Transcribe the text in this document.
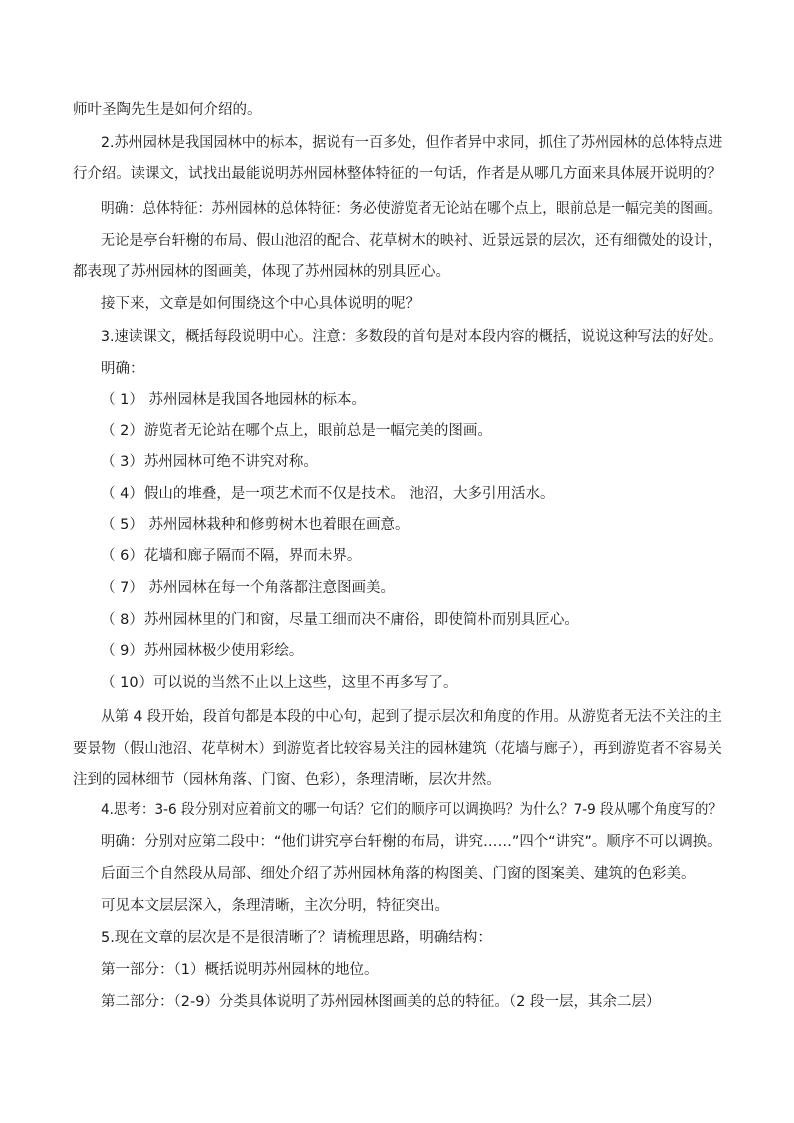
师叶圣陶先生是如何介绍的。
2.苏州园林是我国园林中的标本，据说有一百多处，但作者异中求同，抓住了苏州园林的总体特点进
行介绍。读课文，试找出最能说明苏州园林整体特征的一句话，作者是从哪几方面来具体展开说明的？
明确：总体特征：苏州园林的总体特征：务必使游览者无论站在哪个点上，眼前总是一幅完美的图画。
无论是亭台轩榭的布局、假山池沼的配合、花草树木的映衬、近景远景的层次，还有细微处的设计，
都表现了苏州园林的图画美，体现了苏州园林的别具匠心。
接下来，文章是如何围绕这个中心具体说明的呢？
3.速读课文，概括每段说明中心。注意：多数段的首句是对本段内容的概括，说说这种写法的好处。
明确：
（ 1） 苏州园林是我国各地园林的标本。
（ 2）游览者无论站在哪个点上，眼前总是一幅完美的图画。
（ 3）苏州园林可绝不讲究对称。
（ 4）假山的堆叠，是一项艺术而不仅是技术。 池沼，大多引用活水。
（ 5） 苏州园林栽种和修剪树木也着眼在画意。
（ 6）花墙和廊子隔而不隔，界而未界。
（ 7） 苏州园林在每一个角落都注意图画美。
（ 8）苏州园林里的门和窗，尽量工细而决不庸俗，即使简朴而别具匠心。
（ 9）苏州园林极少使用彩绘。
（ 10）可以说的当然不止以上这些，这里不再多写了。
从第 4 段开始，段首句都是本段的中心句，起到了提示层次和角度的作用。从游览者无法不关注的主
要景物（假山池沼、花草树木）到游览者比较容易关注的园林建筑（花墙与廊子），再到游览者不容易关
注到的园林细节（园林角落、门窗、色彩），条理清晰，层次井然。
4.思考：3-6 段分别对应着前文的哪一句话？它们的顺序可以调换吗？为什么？7-9 段从哪个角度写的？
明确：分别对应第二段中：“他们讲究亭台轩榭的布局，讲究……”四个“讲究”。顺序不可以调换。
后面三个自然段从局部、细处介绍了苏州园林角落的构图美、门窗的图案美、建筑的色彩美。
可见本文层层深入，条理清晰，主次分明，特征突出。
5.现在文章的层次是不是很清晰了？请梳理思路，明确结构：
第一部分：（1）概括说明苏州园林的地位。
第二部分：（2-9）分类具体说明了苏州园林图画美的总的特征。（2 段一层，其余二层）
